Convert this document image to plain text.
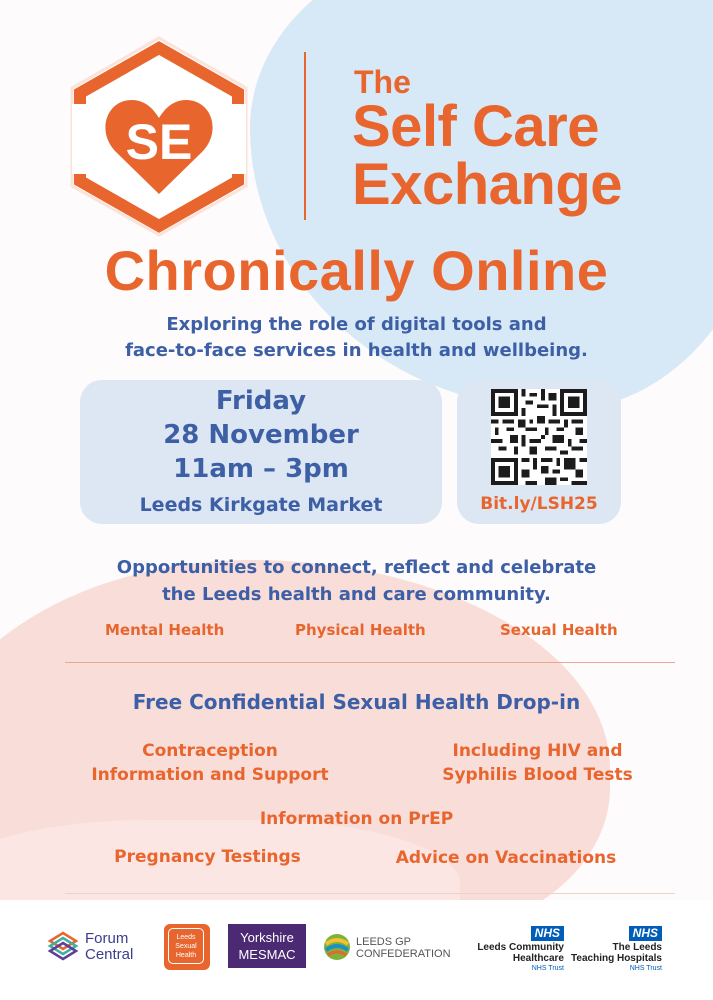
SE
The
Self Care
Exchange
Chronically Online
Exploring the role of digital tools and
face-to-face services in health and wellbeing.
Friday
28 November
11am – 3pm
Leeds Kirkgate Market	Bit.ly/LSH25
Opportunities to connect, reflect and celebrate
the Leeds health and care community.
Mental Health	Physical Health	Sexual Health
Free Confidential Sexual Health Drop-in
Contraception
Information and Support
Including HIV and
Syphilis Blood Tests
Information on PrEP
Pregnancy Testings	Advice on Vaccinations
Forum
Central
Leeds
Sexual
Health
Yorkshire
MESMAC
LEEDS GP
CONFEDERATION
NHS
Leeds Community
Healthcare
NHS Trust
NHS
The Leeds
Teaching Hospitals
NHS Trust
